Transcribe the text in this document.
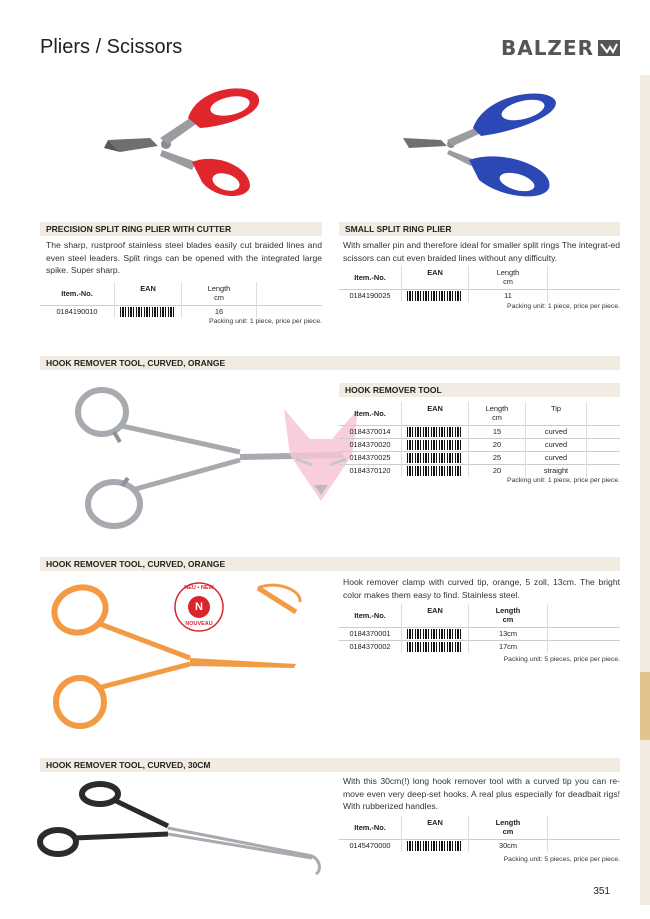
Pliers / Scissors	BALZER
PRECISION SPLIT RING PLIER WITH CUTTER
The sharp, rustproof stainless steel blades easily cut braided lines and even steel leaders. Split rings can be opened with the integrated large spike. Super sharp.
Item.-No.	EAN	Length
cm	
0184190010		16	
Packing unit: 1 piece, price per piece.
SMALL SPLIT RING PLIER
With smaller pin and therefore ideal for smaller split rings The integrat-ed scissors can cut even braided lines without any difficulty.
Item.-No.	EAN	Length
cm	
0184190025		11	
Packing unit: 1 piece, price per piece.
HOOK REMOVER TOOL, CURVED, ORANGE
HOOK REMOVER TOOL
Item.-No.	EAN	Length
cm	Tip	
0184370014		15	curved	
0184370020		20	curved	
0184370025		25	curved	
0184370120		20	straight	
Packing unit: 1 piece, price per piece.
HOOK REMOVER TOOL, CURVED, ORANGE
Hook remover clamp with curved tip, orange, 5 zoll, 13cm. The bright color makes them easy to find. Stainless steel.
NEU • NEW
N
NOUVEAU
Item.-No.	EAN	Length
cm	
0184370001		13cm	
0184370002		17cm	
Packing unit: 5 pieces, price per piece.
HOOK REMOVER TOOL, CURVED, 30CM
With this 30cm(!) long hook remover tool with a curved tip you can re-move even very deep-set hooks. A real plus especially for deadbait rigs! With rubberized handles.
Item.-No.	EAN	Length
cm	
0145470000		30cm	
Packing unit: 5 pieces, price per piece.
351
